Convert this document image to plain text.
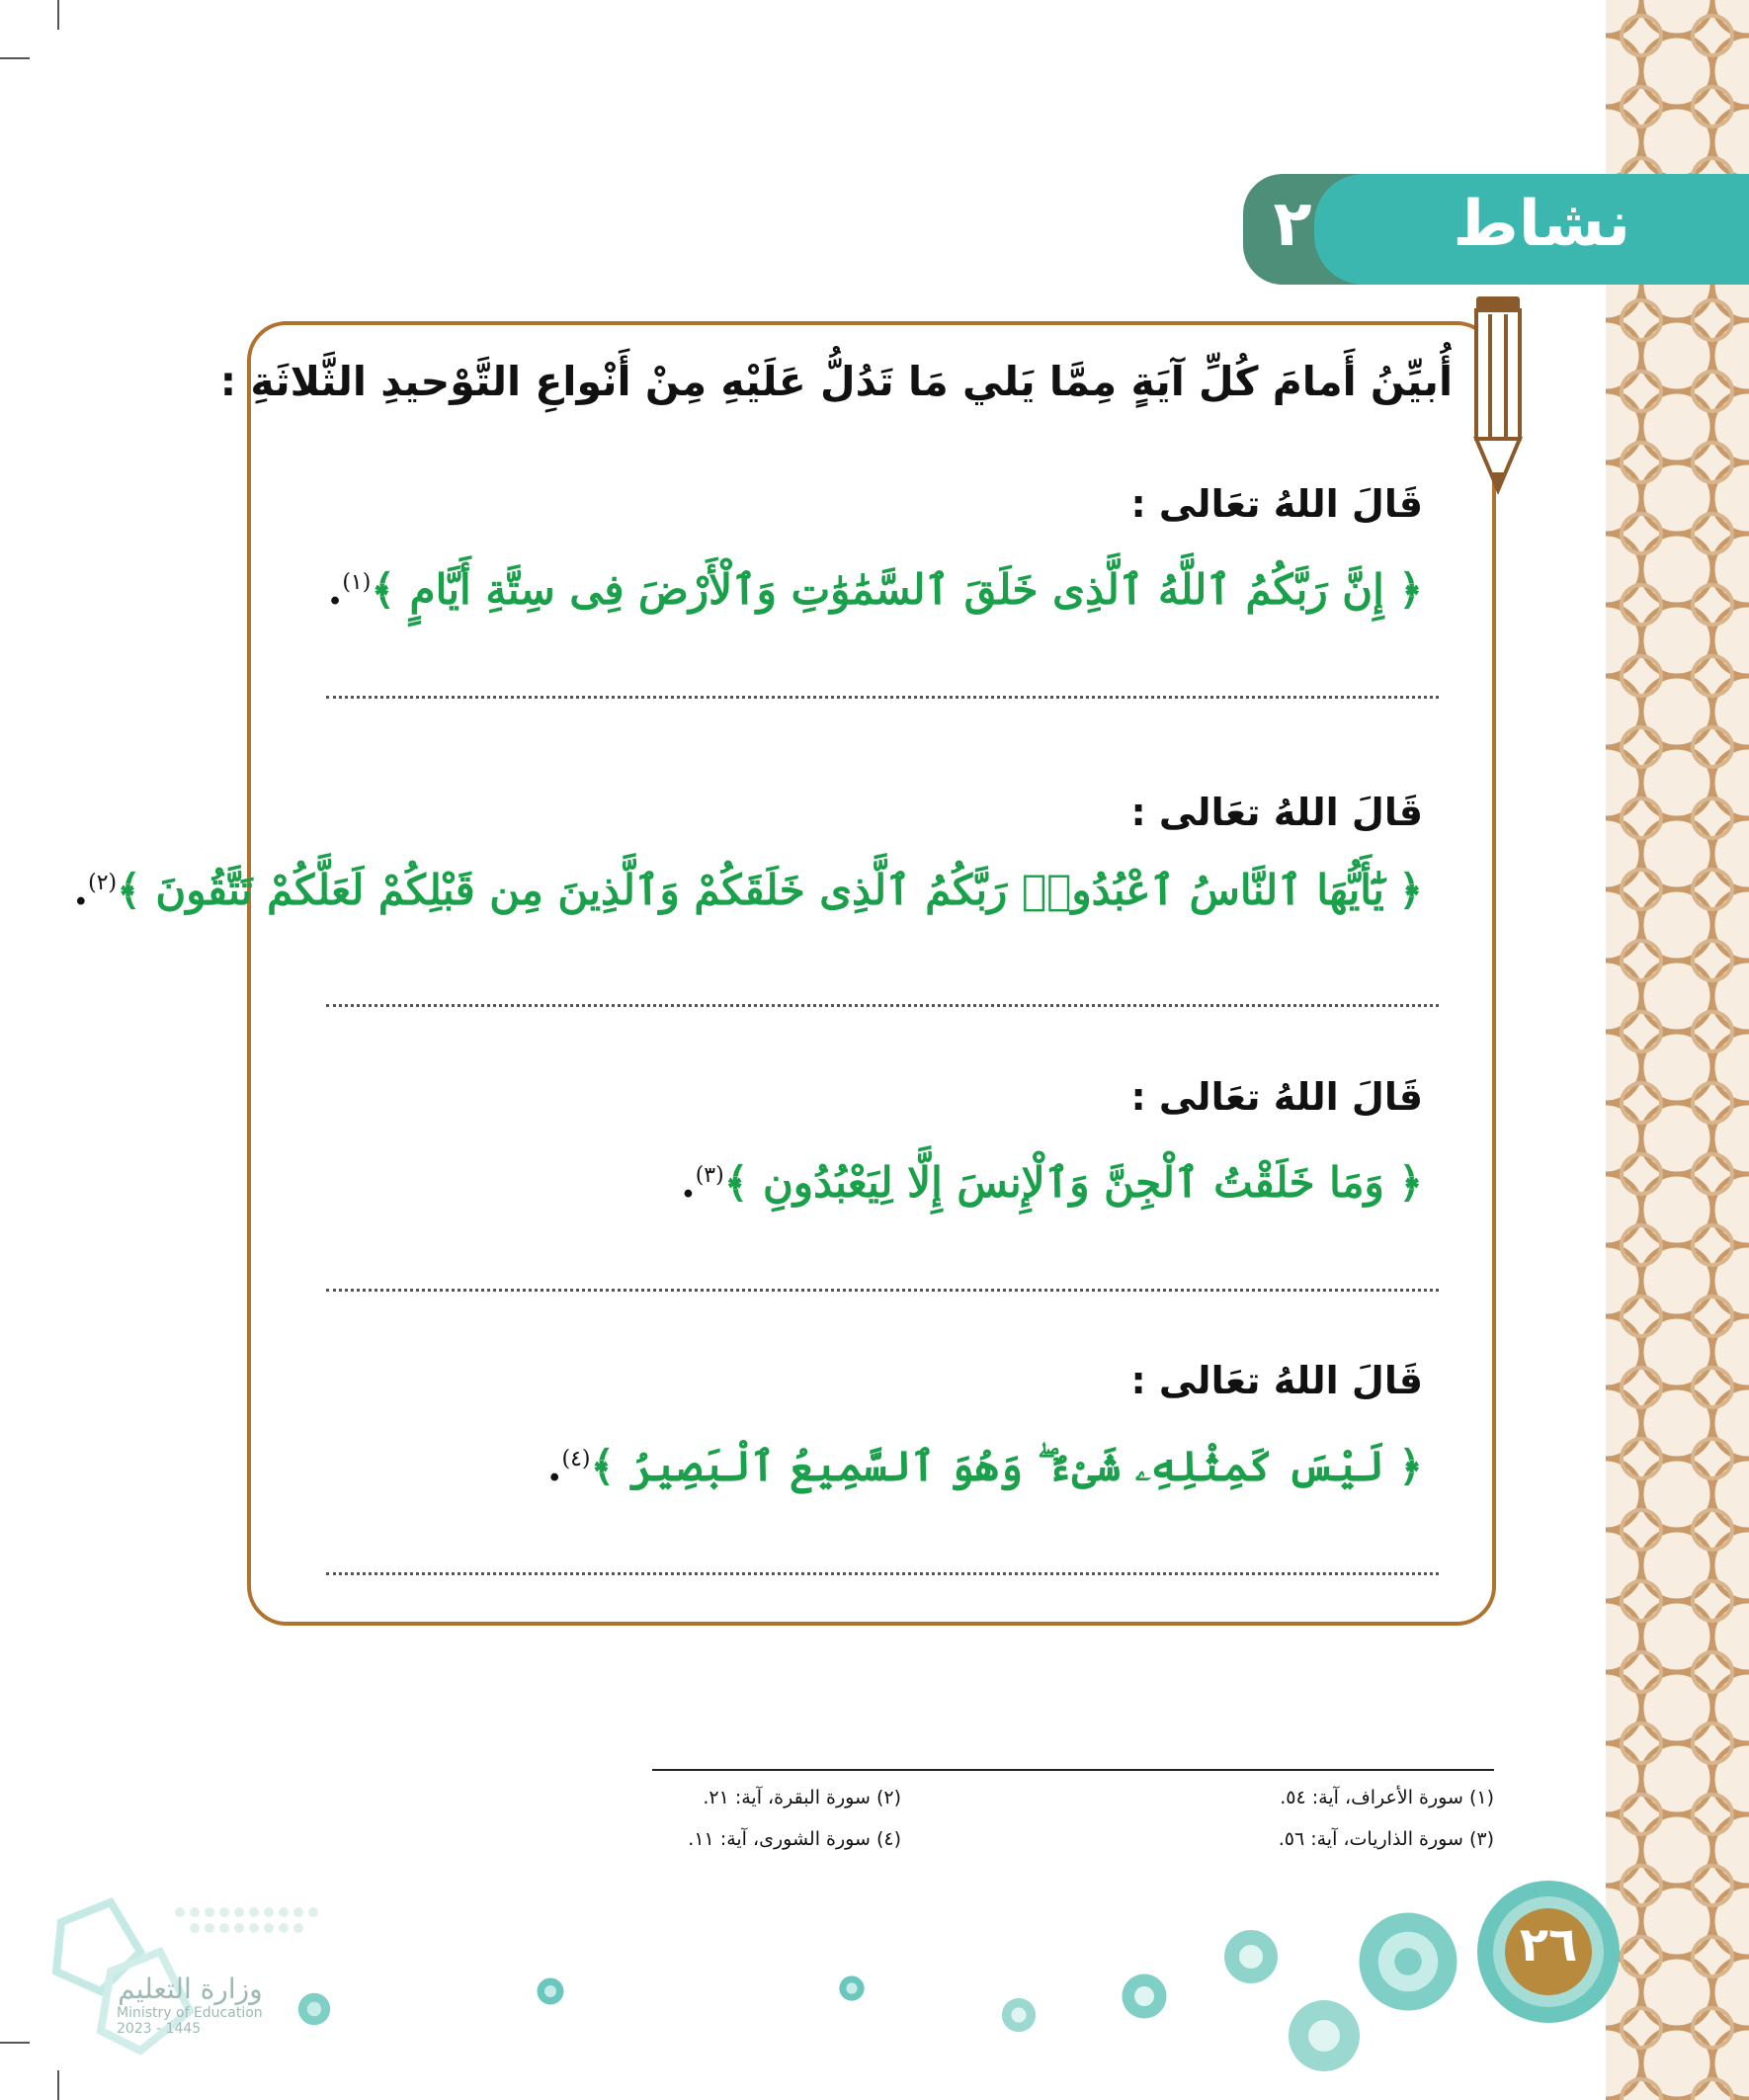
٢	نشاط
أُبيِّنُ أَمامَ كُلِّ آيَةٍ مِمَّا يَلي مَا تَدُلُّ عَلَيْهِ مِنْ أَنْواعِ التَّوْحيدِ الثَّلاثَةِ :
قَالَ اللهُ تعَالى :
﴿ إِنَّ رَبَّكُمُ ٱللَّهُ ٱلَّذِى خَلَقَ ٱلسَّمَٰوَٰتِ وَٱلْأَرْضَ فِى سِتَّةِ أَيَّامٍ ﴾$^{(١)}$.
قَالَ اللهُ تعَالى :
﴿ يَٰٓأَيُّهَا ٱلنَّاسُ ٱعْبُدُوا۟ رَبَّكُمُ ٱلَّذِى خَلَقَكُمْ وَٱلَّذِينَ مِن قَبْلِكُمْ لَعَلَّكُمْ تَتَّقُونَ ﴾$^{(٢)}$.
قَالَ اللهُ تعَالى :
﴿ وَمَا خَلَقْتُ ٱلْجِنَّ وَٱلْإِنسَ إِلَّا لِيَعْبُدُونِ ﴾$^{(٣)}$.
قَالَ اللهُ تعَالى :
﴿ لَيْسَ كَمِثْلِهِۦ شَىْءٌ ۖ وَهُوَ ٱلسَّمِيعُ ٱلْبَصِيرُ ﴾$^{(٤)}$.
(١) سورة الأعراف، آية: ٥٤.
(٢) سورة البقرة، آية: ٢١.
(٣) سورة الذاريات، آية: ٥٦.
(٤) سورة الشورى، آية: ١١.
٢٦
وزارة التعليم
Ministry of Education
2023 - 1445
